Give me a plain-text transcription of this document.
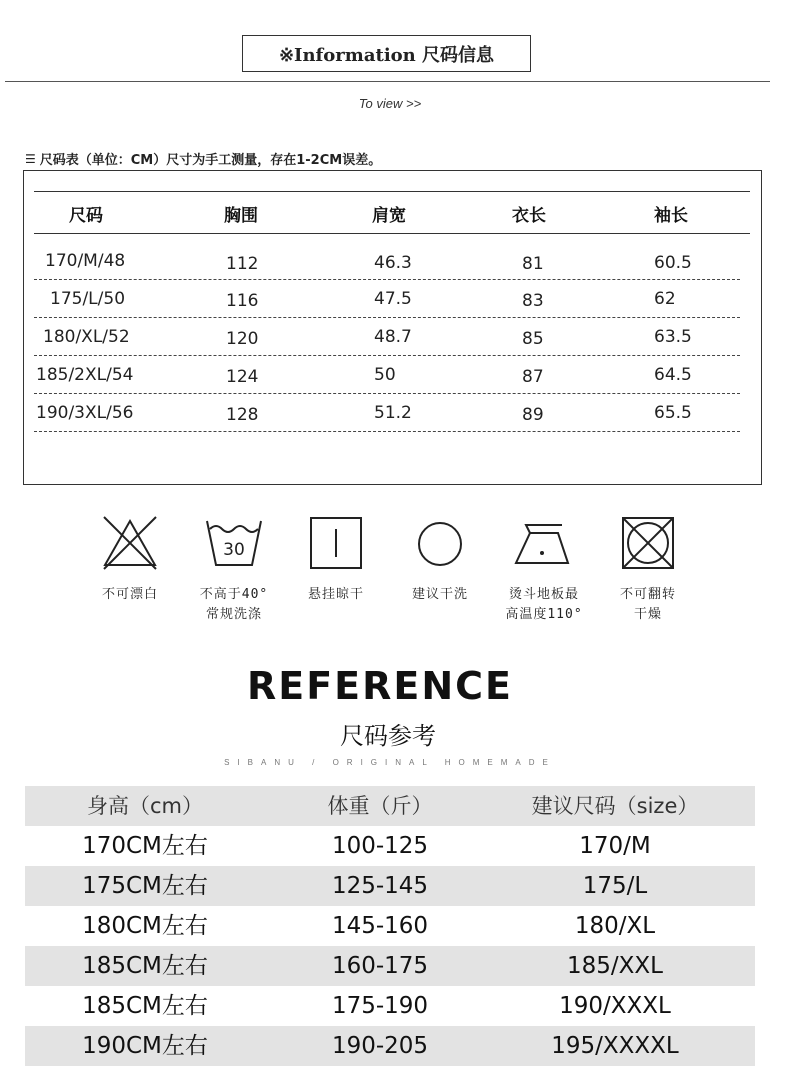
※Information 尺码信息
To view >>
☰ 尺码表（单位：CM）尺寸为手工测量，存在1-2CM误差。
尺码	胸围	肩宽	衣长	袖长
170/M/48	112	46.3	81	60.5
175/L/50	116	47.5	83	62
180/XL/52	120	48.7	85	63.5
185/2XL/54	124	50	87	64.5
190/3XL/56	128	51.2	89	65.5
不可漂白
30
不高于40°
常规洗涤
悬挂晾干	建议干洗	烫斗地板最
高温度110°
不可翻转
干燥
REFERENCE
尺码参考
SIBANU / ORIGINAL HOMEMADE
身高（cm）	体重（斤）	建议尺码（size）
170CM左右	100-125	170/M
175CM左右	125-145	175/L
180CM左右	145-160	180/XL
185CM左右	160-175	185/XXL
185CM左右	175-190	190/XXXL
190CM左右	190-205	195/XXXXL
